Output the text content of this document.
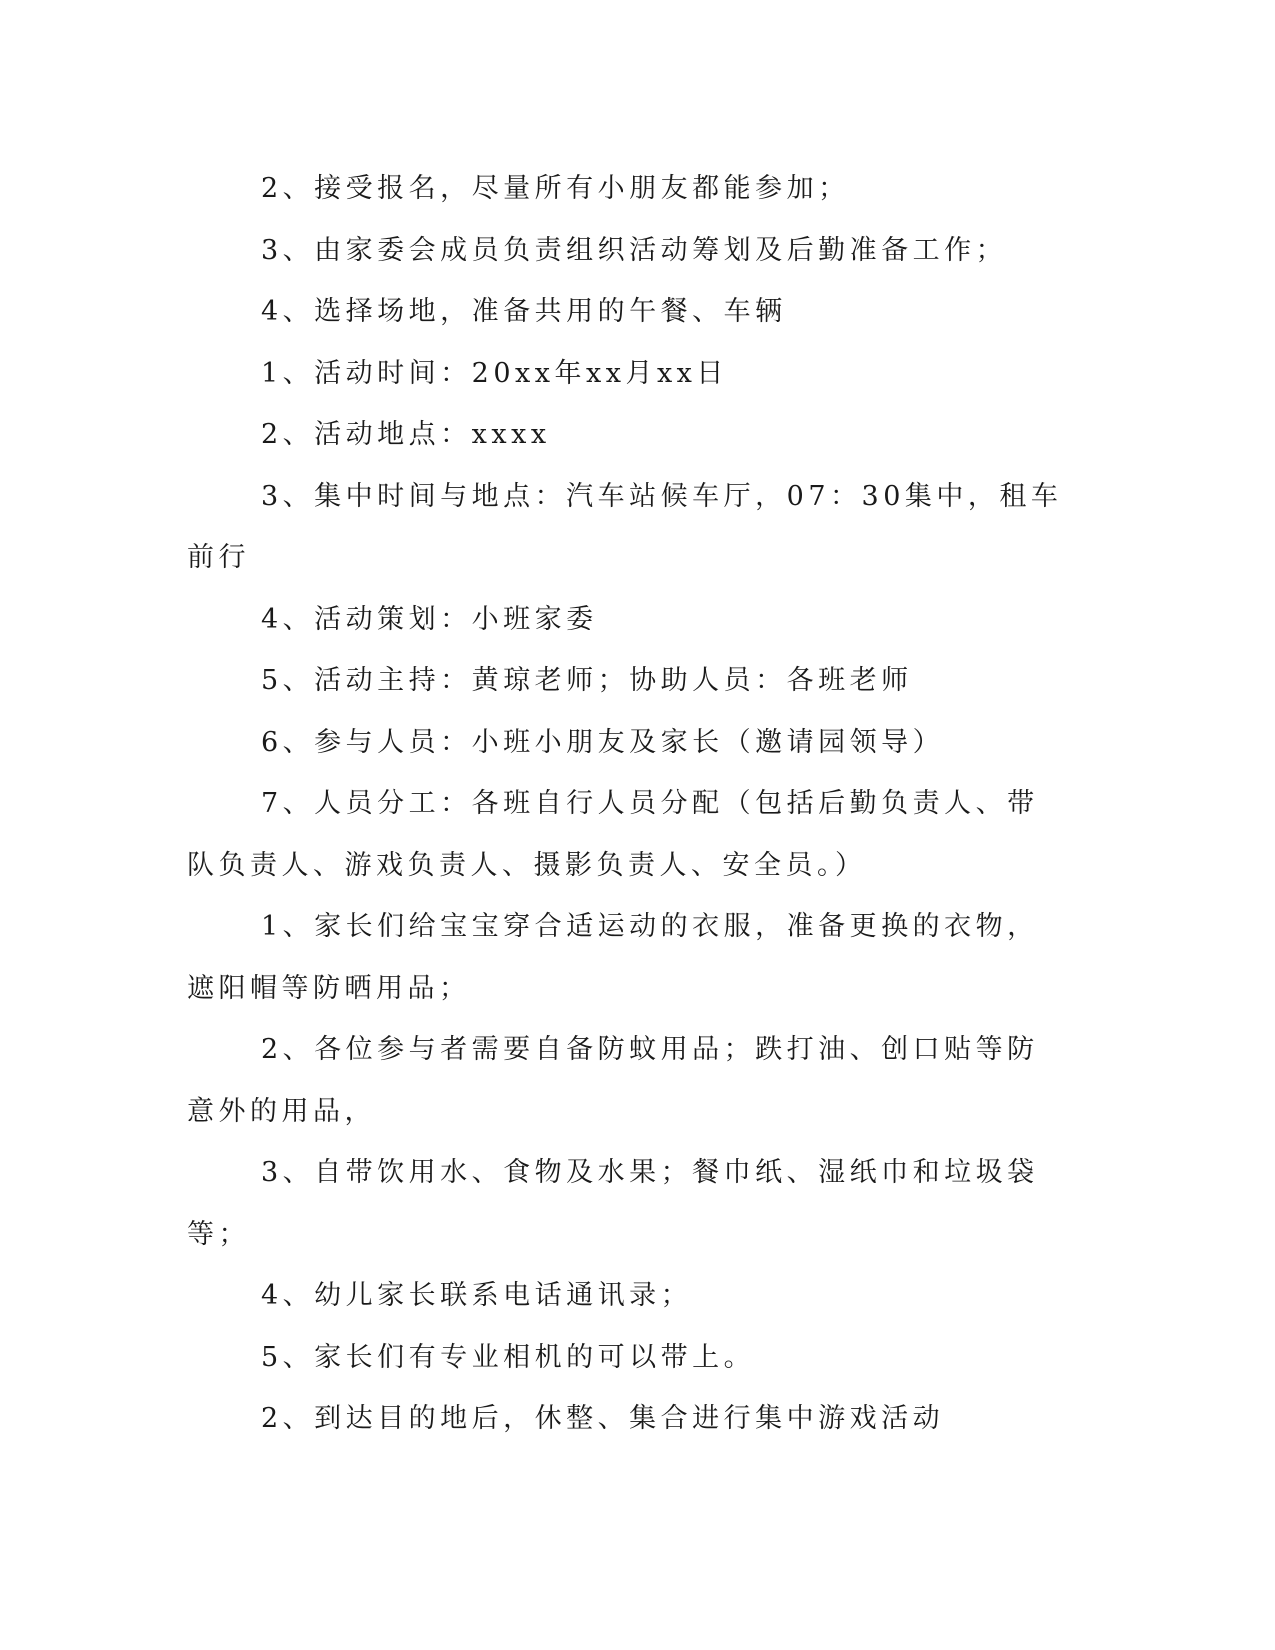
2、接受报名，尽量所有小朋友都能参加；

3、由家委会成员负责组织活动筹划及后勤准备工作；

4、选择场地，准备共用的午餐、车辆

1、活动时间：20xx年xx月xx日

2、活动地点：xxxx

3、集中时间与地点：汽车站候车厅，07：30集中，租车前行

4、活动策划：小班家委

5、活动主持：黄琼老师；协助人员：各班老师

6、参与人员：小班小朋友及家长（邀请园领导）

7、人员分工：各班自行人员分配（包括后勤负责人、带队负责人、游戏负责人、摄影负责人、安全员。）

1、家长们给宝宝穿合适运动的衣服，准备更换的衣物，遮阳帽等防晒用品；

2、各位参与者需要自备防蚊用品；跌打油、创口贴等防意外的用品，

3、自带饮用水、食物及水果；餐巾纸、湿纸巾和垃圾袋等；

4、幼儿家长联系电话通讯录；

5、家长们有专业相机的可以带上。

2、到达目的地后，休整、集合进行集中游戏活动
